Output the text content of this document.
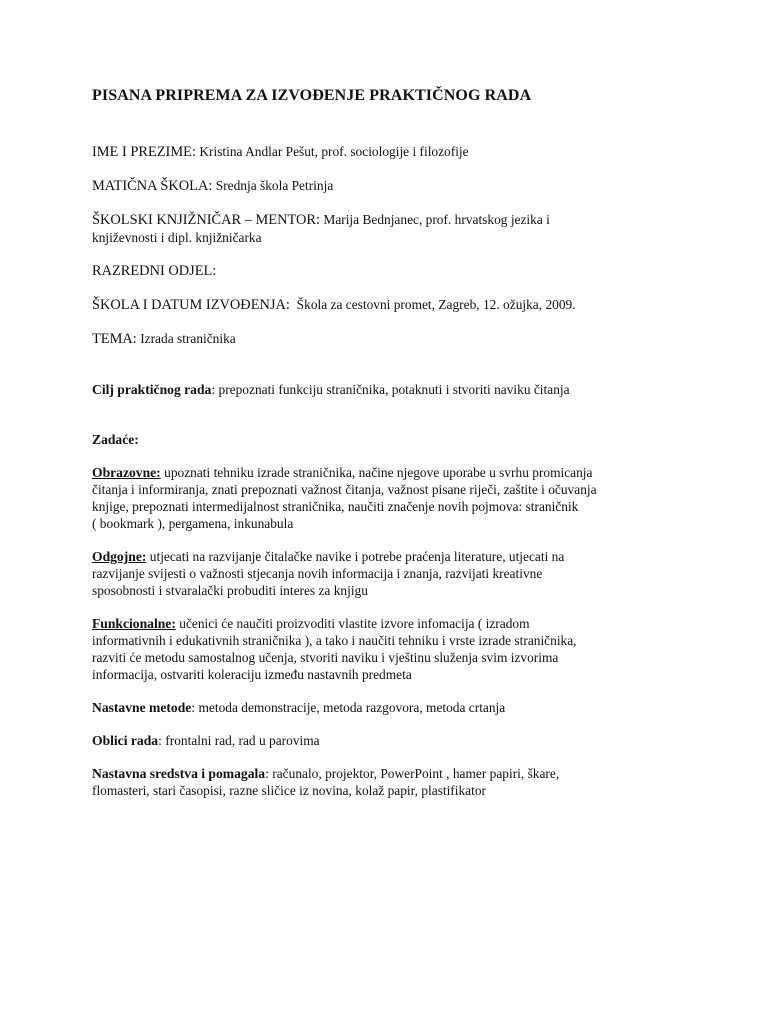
PISANA PRIPREMA ZA IZVOĐENJE PRAKTIČNOG RADA

IME I PREZIME: Kristina Andlar Pešut, prof. sociologije i filozofije

MATIČNA ŠKOLA: Srednja škola Petrinja

ŠKOLSKI KNJIŽNIČAR – MENTOR: Marija Bednjanec, prof. hrvatskog jezika i
književnosti i dipl. knjižničarka

RAZREDNI ODJEL:

ŠKOLA I DATUM IZVOĐENJA: Škola za cestovni promet, Zagreb, 12. ožujka, 2009.

TEMA: Izrada straničnika

Cilj praktičnog rada: prepoznati funkciju straničnika, potaknuti i stvoriti naviku čitanja

Zadaće:

Obrazovne: upoznati tehniku izrade straničnika, načine njegove uporabe u svrhu promicanja
čitanja i informiranja, znati prepoznati važnost čitanja, važnost pisane riječi, zaštite i očuvanja
knjige, prepoznati intermedijalnost straničnika, naučiti značenje novih pojmova: straničnik
( bookmark ), pergamena, inkunabula

Odgojne: utjecati na razvijanje čitalačke navike i potrebe praćenja literature, utjecati na
razvijanje svijesti o važnosti stjecanja novih informacija i znanja, razvijati kreativne
sposobnosti i stvaralački probuditi interes za knjigu

Funkcionalne: učenici će naučiti proizvoditi vlastite izvore infomacija ( izradom
informativnih i edukativnih straničnika ), a tako i naučiti tehniku i vrste izrade straničnika,
razviti će metodu samostalnog učenja, stvoriti naviku i vještinu služenja svim izvorima
informacija, ostvariti koleraciju između nastavnih predmeta

Nastavne metode: metoda demonstracije, metoda razgovora, metoda crtanja

Oblici rada: frontalni rad, rad u parovima

Nastavna sredstva i pomagala: računalo, projektor, PowerPoint , hamer papiri, škare,
flomasteri, stari časopisi, razne sličice iz novina, kolaž papir, plastifikator
